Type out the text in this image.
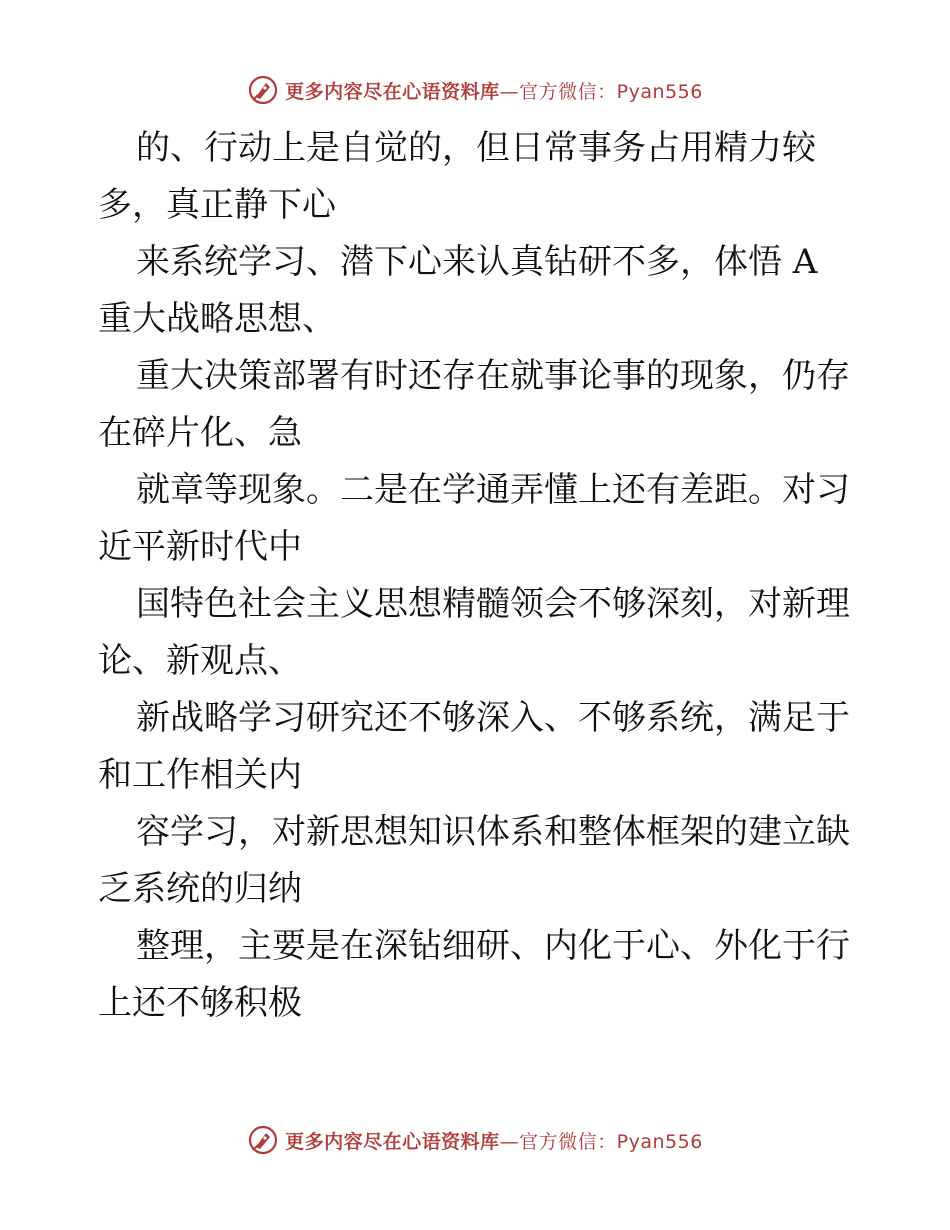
更多内容尽在心语资料库—官方微信：Pyan556

的、行动上是自觉的，但日常事务占用精力较
多，真正静下心

来系统学习、潜下心来认真钻研不多，体悟 A
重大战略思想、

重大决策部署有时还存在就事论事的现象，仍存
在碎片化、急

就章等现象。二是在学通弄懂上还有差距。对习
近平新时代中

国特色社会主义思想精髓领会不够深刻，对新理
论、新观点、

新战略学习研究还不够深入、不够系统，满足于
和工作相关内

容学习，对新思想知识体系和整体框架的建立缺
乏系统的归纳

整理，主要是在深钻细研、内化于心、外化于行
上还不够积极

更多内容尽在心语资料库—官方微信：Pyan556
